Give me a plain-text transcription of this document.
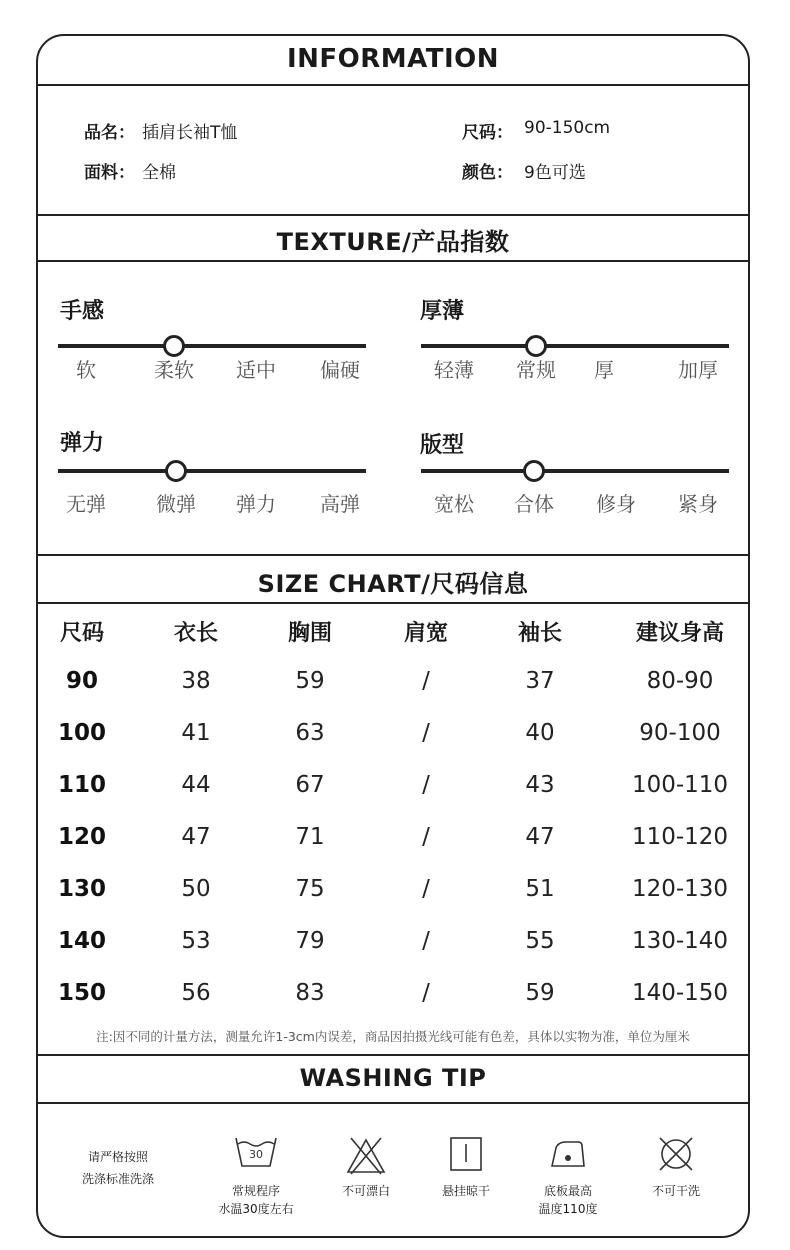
INFORMATION
品名： 插肩长袖T恤
面料： 全棉
尺码： 90-150cm
颜色： 9色可选
TEXTURE/产品指数
手感
软	柔软 适中 偏硬
厚薄
轻薄 常规 厚	加厚
弹力
无弹	微弹 弹力 高弹
版型
宽松 合体 修身 紧身
SIZE CHART/尺码信息
尺码	衣长	胸围	肩宽	袖长	建议身高
90	38	59	/	37	80-90
100	41	63	/	40	90-100
110	44	67	/	43	100-110
120	47	71	/	47	110-120
130	50	75	/	51	120-130
140	53	79	/	55	130-140
150	56	83	/	59	140-150
注:因不同的计量方法，测量允许1-3cm内误差，商品因拍摄光线可能有色差，具体以实物为准，单位为厘米
WASHING TIP
请严格按照
洗涤标准洗涤
30
常规程序
水温30度左右
不可漂白	悬挂晾干	底板最高
温度110度
不可干洗
